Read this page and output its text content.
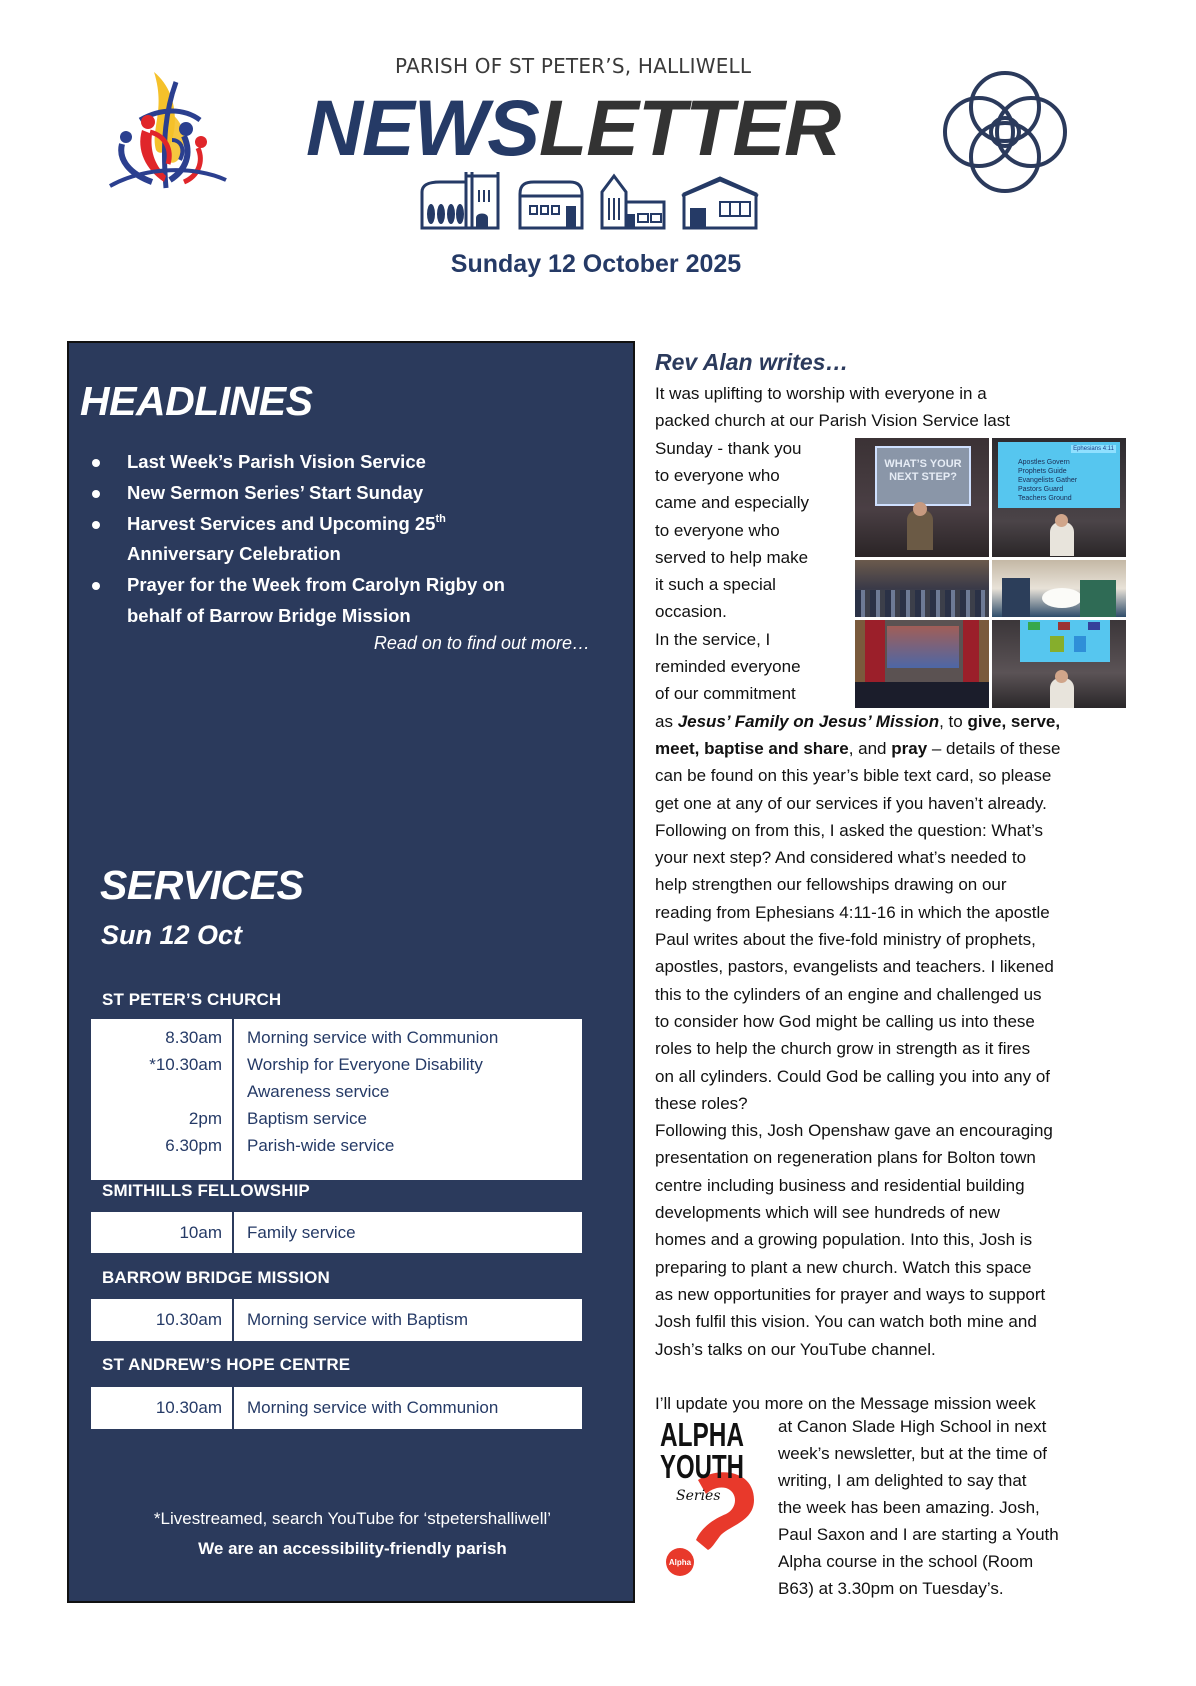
PARISH OF ST PETER’S, HALLIWELL
NEWSLETTER
Sunday 12 October 2025
HEADLINES
Last Week’s Parish Vision Service
New Sermon Series’ Start Sunday
Harvest Services and Upcoming 25th
Anniversary Celebration
Prayer for the Week from Carolyn Rigby on
behalf of Barrow Bridge Mission
Read on to find out more…
SERVICES
Sun 12 Oct
ST PETER’S CHURCH
8.30am Morning service with Communion
*10.30am Worship for Everyone Disability
Awareness service
2pm Baptism service
6.30pm Parish-wide service
SMITHILLS FELLOWSHIP
10am Family service
BARROW BRIDGE MISSION
10.30am Morning service with Baptism
ST ANDREW’S HOPE CENTRE
10.30am Morning service with Communion
*Livestreamed, search YouTube for ‘stpetershalliwell’
We are an accessibility-friendly parish
Rev Alan writes…
It was uplifting to worship with everyone in a
packed church at our Parish Vision Service last
Sunday - thank you
to everyone who
came and especially
to everyone who
served to help make
it such a special
occasion.
In the service, I
reminded everyone
of our commitment
can be found on this year’s bible text card, so please
get one at any of our services if you haven’t already.
Following on from this, I asked the question: What’s
your next step? And considered what’s needed to
help strengthen our fellowships drawing on our
reading from Ephesians 4:11-16 in which the apostle
Paul writes about the five-fold ministry of prophets,
apostles, pastors, evangelists and teachers. I likened
this to the cylinders of an engine and challenged us
to consider how God might be calling us into these
roles to help the church grow in strength as it fires
on all cylinders. Could God be calling you into any of
these roles?
Following this, Josh Openshaw gave an encouraging
presentation on regeneration plans for Bolton town
centre including business and residential building
developments which will see hundreds of new
homes and a growing population. Into this, Josh is
preparing to plant a new church. Watch this space
as new opportunities for prayer and ways to support
Josh fulfil this vision. You can watch both mine and
Josh’s talks on our YouTube channel.
I’ll update you more on the Message mission week
as Jesus’ Family on Jesus’ Mission, to give, serve,
meet, baptise and share, and pray – details of these
at Canon Slade High School in next
week’s newsletter, but at the time of
writing, I am delighted to say that
the week has been amazing. Josh,
Paul Saxon and I are starting a Youth
Alpha course in the school (Room
B63) at 3.30pm on Tuesday’s.
WHAT’S YOUR NEXT STEP?
Ephesians 4:11
Apostles Govern
Prophets Guide
Evangelists Gather
Pastors Guard
Teachers Ground
Alpha
ALPHA
YOUTH
Series
